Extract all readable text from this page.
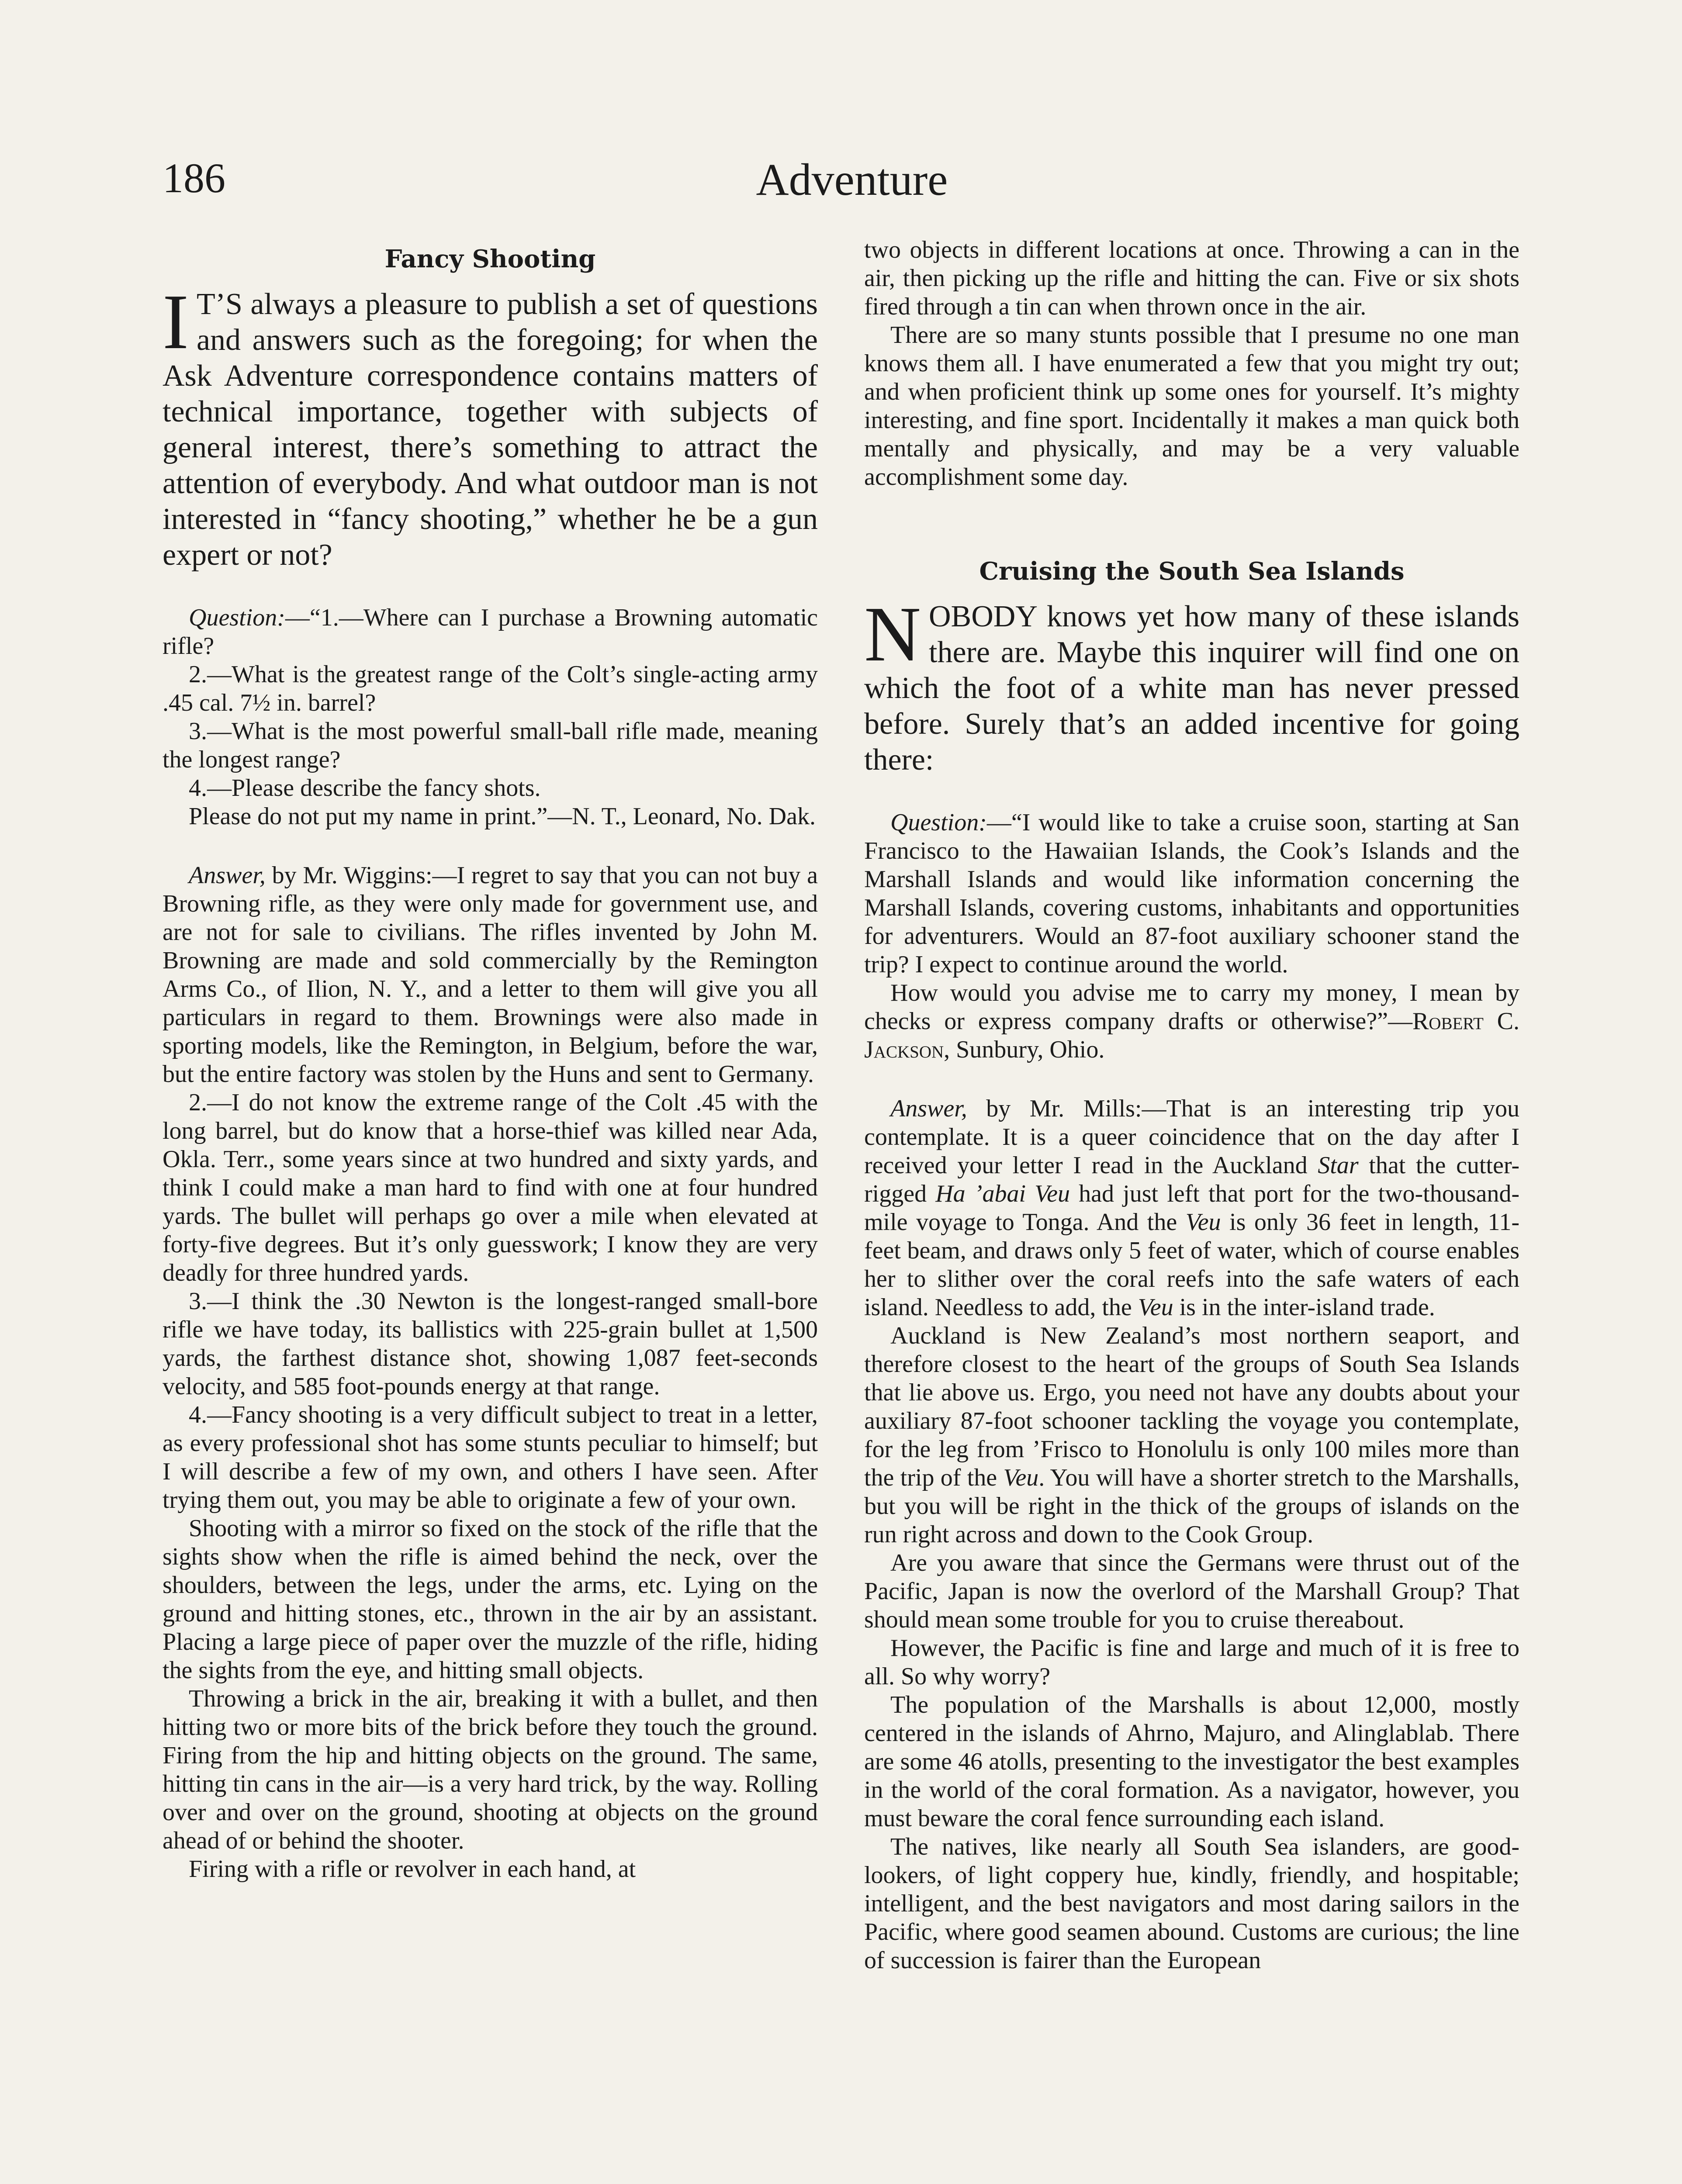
186	Adventure
Fancy Shooting

I T’S always a pleasure to publish a set of questions and answers such as the foregoing; for when the Ask Adventure correspondence contains matters of technical importance, together with subjects of general interest, there’s something to attract the attention of everybody. And what outdoor man is not interested in “fancy shooting,” whether he be a gun expert or not?

Question:—“1.—Where can I purchase a Browning automatic rifle?

2.—What is the greatest range of the Colt’s single-acting army .45 cal. 7½ in. barrel?

3.—What is the most powerful small-ball rifle made, meaning the longest range?

4.—Please describe the fancy shots.

Please do not put my name in print.”—N. T., Leonard, No. Dak.

Answer, by Mr. Wiggins:—I regret to say that you can not buy a Browning rifle, as they were only made for government use, and are not for sale to civilians. The rifles invented by John M. Browning are made and sold commercially by the Remington Arms Co., of Ilion, N. Y., and a letter to them will give you all particulars in regard to them. Brownings were also made in sporting models, like the Remington, in Belgium, before the war, but the entire factory was stolen by the Huns and sent to Germany.

2.—I do not know the extreme range of the Colt .45 with the long barrel, but do know that a horse-thief was killed near Ada, Okla. Terr., some years since at two hundred and sixty yards, and think I could make a man hard to find with one at four hundred yards. The bullet will perhaps go over a mile when elevated at forty-five degrees. But it’s only guesswork; I know they are very deadly for three hundred yards.

3.—I think the .30 Newton is the longest-ranged small-bore rifle we have today, its ballistics with 225-grain bullet at 1,500 yards, the farthest distance shot, showing 1,087 feet-seconds velocity, and 585 foot-pounds energy at that range.

4.—Fancy shooting is a very difficult subject to treat in a letter, as every professional shot has some stunts peculiar to himself; but I will describe a few of my own, and others I have seen. After trying them out, you may be able to originate a few of your own.

Shooting with a mirror so fixed on the stock of the rifle that the sights show when the rifle is aimed behind the neck, over the shoulders, between the legs, under the arms, etc. Lying on the ground and hitting stones, etc., thrown in the air by an assistant. Placing a large piece of paper over the muzzle of the rifle, hiding the sights from the eye, and hitting small objects.

Throwing a brick in the air, breaking it with a bullet, and then hitting two or more bits of the brick before they touch the ground. Firing from the hip and hitting objects on the ground. The same, hitting tin cans in the air—is a very hard trick, by the way. Rolling over and over on the ground, shooting at objects on the ground ahead of or behind the shooter.

Firing with a rifle or revolver in each hand, at

two objects in different locations at once. Throwing a can in the air, then picking up the rifle and hitting the can. Five or six shots fired through a tin can when thrown once in the air.

There are so many stunts possible that I presume no one man knows them all. I have enumerated a few that you might try out; and when proficient think up some ones for yourself. It’s mighty interesting, and fine sport. Incidentally it makes a man quick both mentally and physically, and may be a very valuable accomplishment some day.

Cruising the South Sea Islands

NOBODY knows yet how many of these islands there are. Maybe this inquirer will find one on which the foot of a white man has never pressed before. Surely that’s an added incentive for going there:

Question:—“I would like to take a cruise soon, starting at San Francisco to the Hawaiian Islands, the Cook’s Islands and the Marshall Islands and would like information concerning the Marshall Islands, covering customs, inhabitants and opportunities for adventurers. Would an 87-foot auxiliary schooner stand the trip? I expect to continue around the world.

How would you advise me to carry my money, I mean by checks or express company drafts or otherwise?”—Robert C. Jackson, Sunbury, Ohio.

Answer, by Mr. Mills:—That is an interesting trip you contemplate. It is a queer coincidence that on the day after I received your letter I read in the Auckland Star that the cutter-rigged Ha ’abai Veu had just left that port for the two-thousand-mile voyage to Tonga. And the Veu is only 36 feet in length, 11-feet beam, and draws only 5 feet of water, which of course enables her to slither over the coral reefs into the safe waters of each island. Needless to add, the Veu is in the inter-island trade.

Auckland is New Zealand’s most northern seaport, and therefore closest to the heart of the groups of South Sea Islands that lie above us. Ergo, you need not have any doubts about your auxiliary 87-foot schooner tackling the voyage you contemplate, for the leg from ’Frisco to Honolulu is only 100 miles more than the trip of the Veu. You will have a shorter stretch to the Marshalls, but you will be right in the thick of the groups of islands on the run right across and down to the Cook Group.

Are you aware that since the Germans were thrust out of the Pacific, Japan is now the overlord of the Marshall Group? That should mean some trouble for you to cruise thereabout.

However, the Pacific is fine and large and much of it is free to all. So why worry?

The population of the Marshalls is about 12,000, mostly centered in the islands of Ahrno, Majuro, and Alinglablab. There are some 46 atolls, presenting to the investigator the best examples in the world of the coral formation. As a navigator, however, you must beware the coral fence surrounding each island.

The natives, like nearly all South Sea islanders, are good-lookers, of light coppery hue, kindly, friendly, and hospitable; intelligent, and the best navigators and most daring sailors in the Pacific, where good seamen abound. Customs are curious; the line of succession is fairer than the European
